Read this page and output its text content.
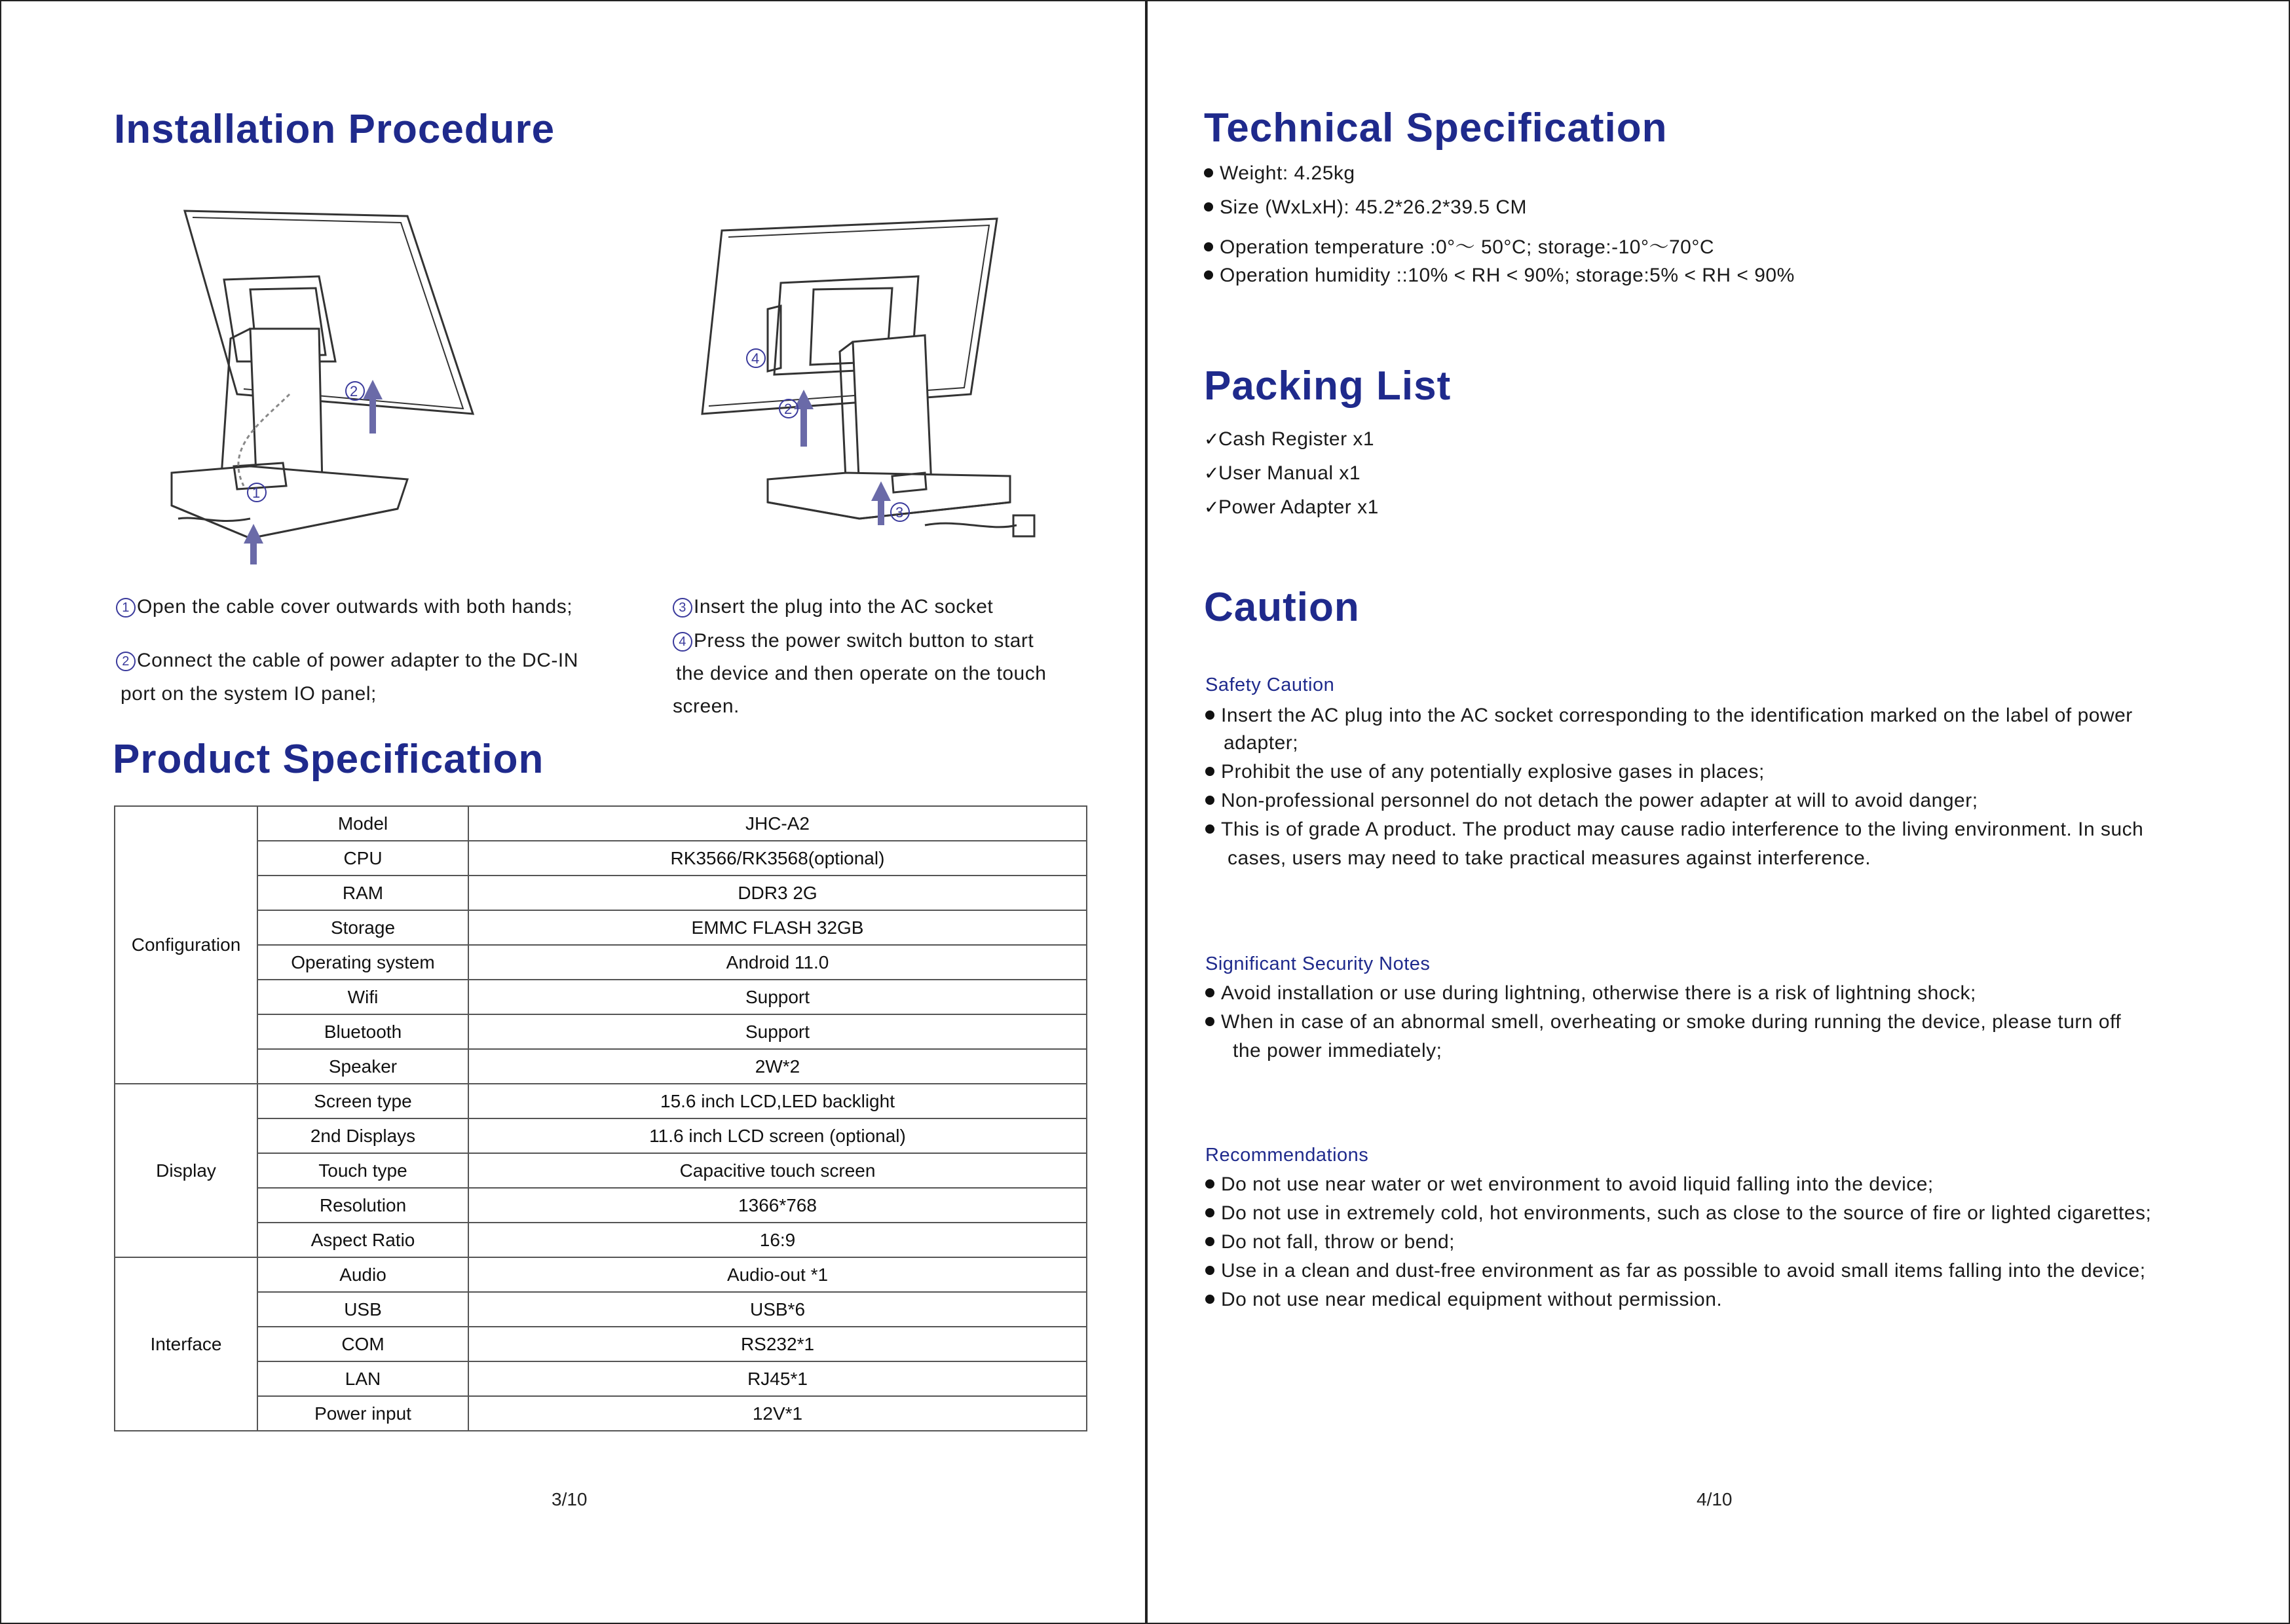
Installation Procedure
2
1
4
2
3
1 Open the cable cover outwards with both hands;
2 Connect the cable of power adapter to the DC-IN
port on the system IO panel;
3 Insert the plug into the AC socket
4 Press the power switch button to start
the device and then operate on the touch
screen.
Product Specification
Configuration	Model	JHC-A2
	CPU	RK3566/RK3568(optional)
	RAM	DDR3 2G
	Storage	EMMC FLASH 32GB
	Operating system	Android 11.0
	Wifi	Support
	Bluetooth	Support
	Speaker	2W*2
Display	Screen type	15.6 inch LCD,LED backlight
	2nd Displays	11.6 inch LCD screen (optional)
	Touch type	Capacitive touch screen
	Resolution	1366*768
	Aspect Ratio	16:9
Interface	Audio	Audio-out *1
	USB	USB*6
	COM	RS232*1
	LAN	RJ45*1
	Power input	12V*1
3/10
Technical Specification
Weight: 4.25kg
Size (WxLxH): 45.2*26.2*39.5 CM
Operation temperature :0°～ 50°C; storage:-10°～70°C
Operation humidity ::10% < RH < 90%; storage:5% < RH < 90%
Packing List
✓Cash Register x1
✓User Manual x1
✓Power Adapter x1
Caution
Safety Caution
Insert the AC plug into the AC socket corresponding to the identification marked on the label of power
adapter;
Prohibit the use of any potentially explosive gases in places;
Non-professional personnel do not detach the power adapter at will to avoid danger;
This is of grade A product. The product may cause radio interference to the living environment. In such
cases, users may need to take practical measures against interference.
Significant Security Notes
Avoid installation or use during lightning, otherwise there is a risk of lightning shock;
When in case of an abnormal smell, overheating or smoke during running the device, please turn off
the power immediately;
Recommendations
Do not use near water or wet environment to avoid liquid falling into the device;
Do not use in extremely cold, hot environments, such as close to the source of fire or lighted cigarettes;
Do not fall, throw or bend;
Use in a clean and dust-free environment as far as possible to avoid small items falling into the device;
Do not use near medical equipment without permission.
4/10
